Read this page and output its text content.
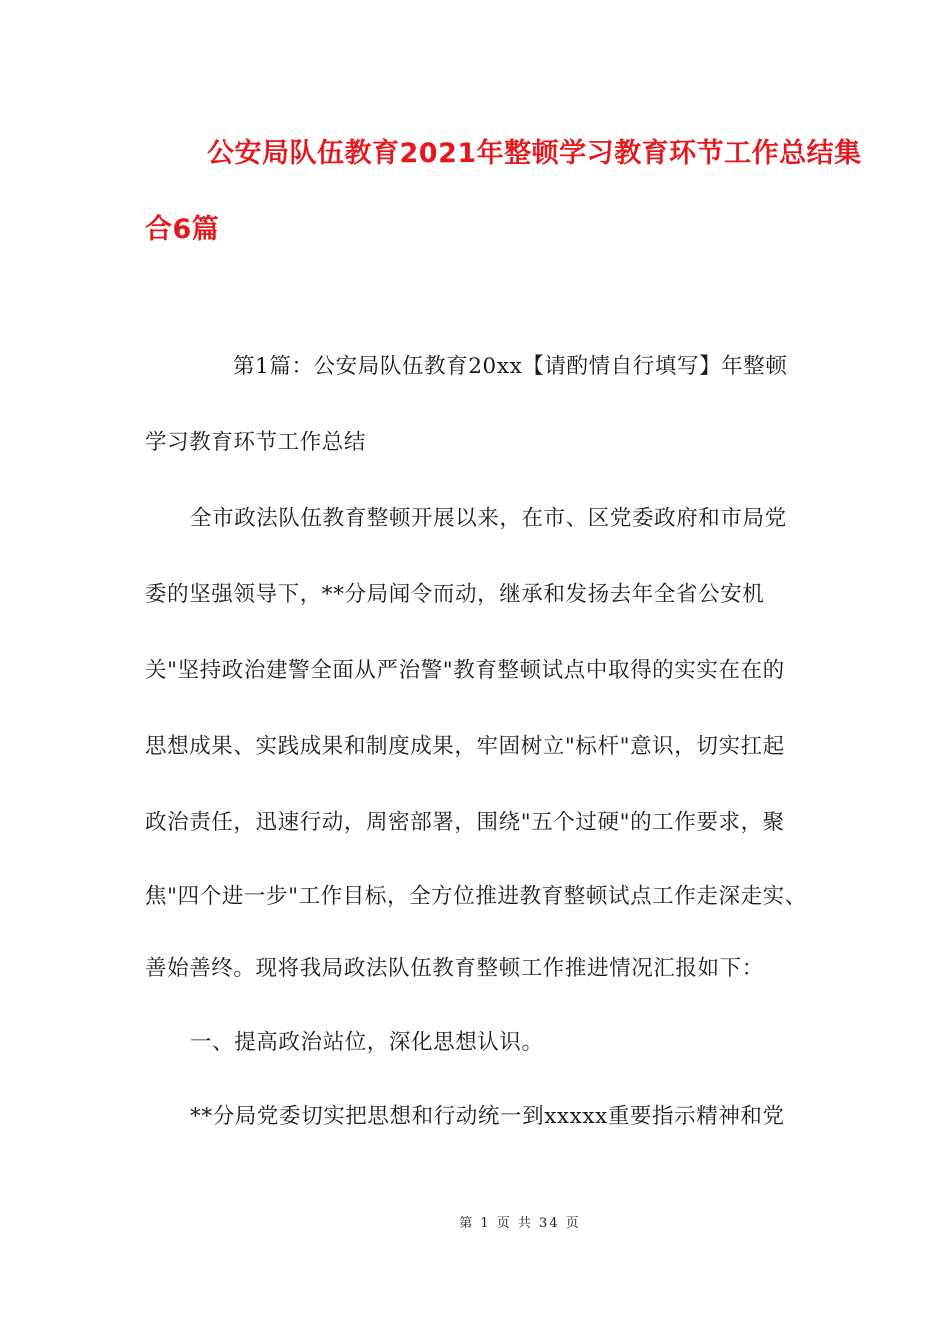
公安局队伍教育2021年整顿学习教育环节工作总结集
合6篇

第1篇：公安局队伍教育20xx【请酌情自行填写】年整顿

学习教育环节工作总结

全市政法队伍教育整顿开展以来，在市、区党委政府和市局党

委的坚强领导下，**分局闻令而动，继承和发扬去年全省公安机

关"坚持政治建警全面从严治警"教育整顿试点中取得的实实在在的

思想成果、实践成果和制度成果，牢固树立"标杆"意识，切实扛起

政治责任，迅速行动，周密部署，围绕"五个过硬"的工作要求，聚

焦"四个进一步"工作目标，全方位推进教育整顿试点工作走深走实、

善始善终。现将我局政法队伍教育整顿工作推进情况汇报如下：

一、提高政治站位，深化思想认识。

**分局党委切实把思想和行动统一到xxxxx重要指示精神和党

第 1 页 共 34 页
